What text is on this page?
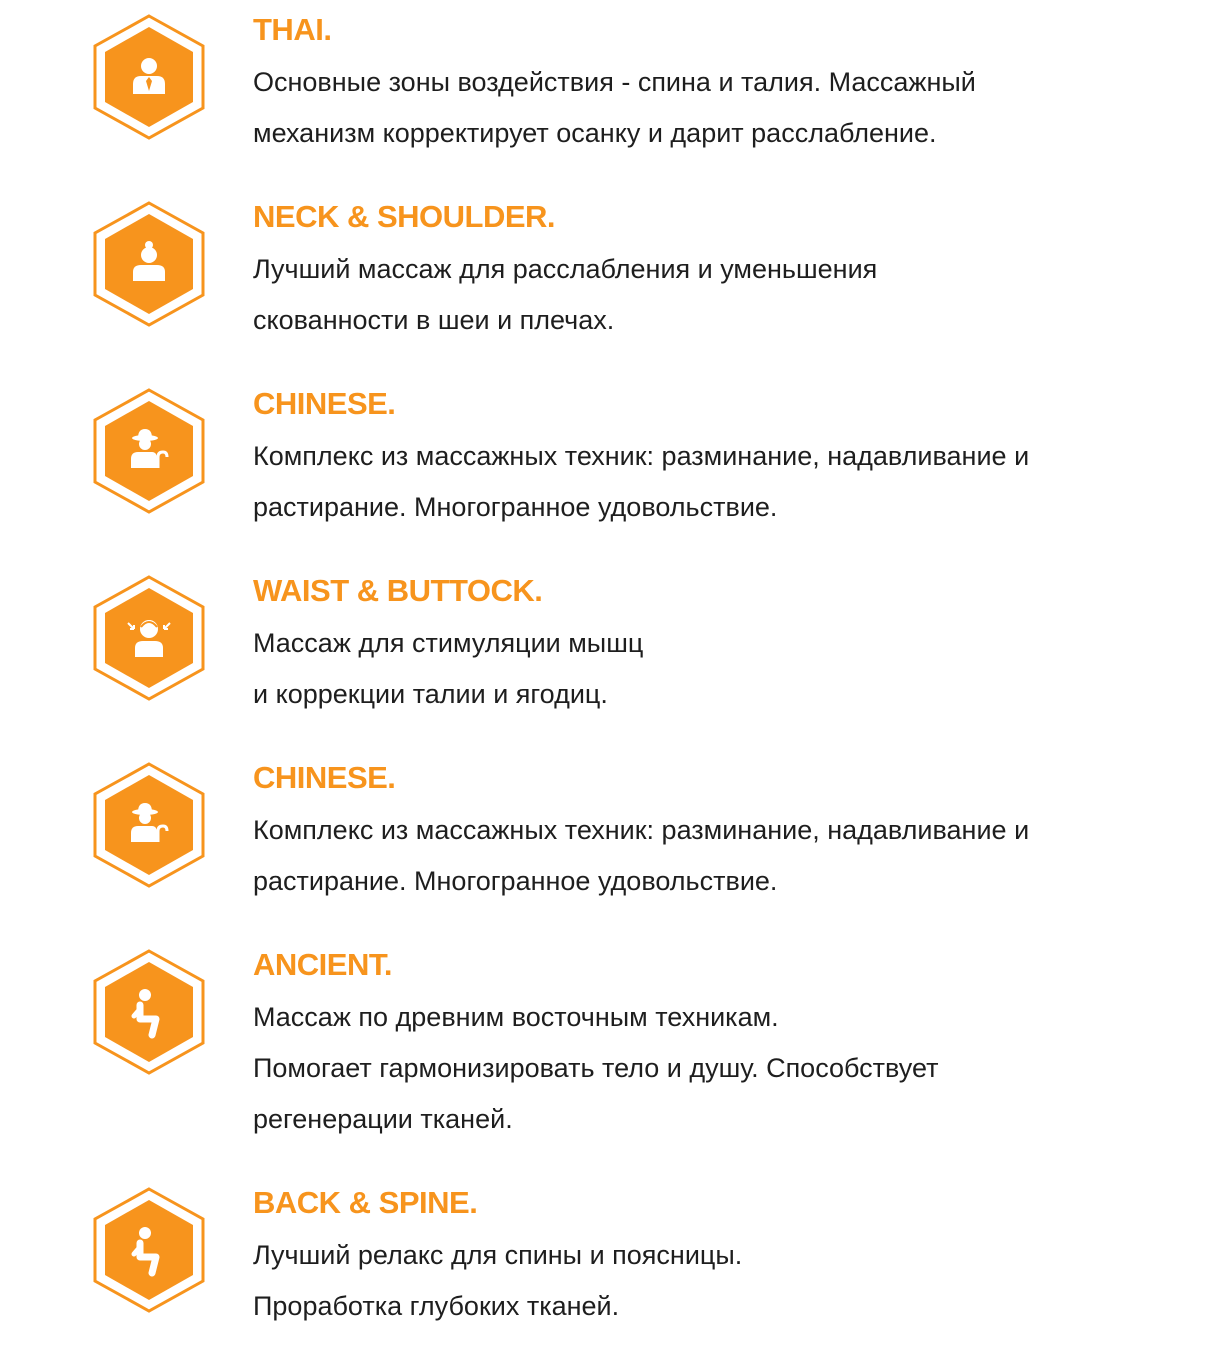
THAI.
Основные зоны воздействия - спина и талия. Массажный
механизм корректирует осанку и дарит расслабление.
NECK & SHOULDER.
Лучший массаж для расслабления и уменьшения
скованности в шеи и плечах.
CHINESE.
Комплекс из массажных техник: разминание, надавливание и
растирание. Многогранное удовольствие.
WAIST & BUTTOCK.
Массаж для стимуляции мышц
и коррекции талии и ягодиц.
CHINESE.
Комплекс из массажных техник: разминание, надавливание и
растирание. Многогранное удовольствие.
ANCIENT.
Массаж по древним восточным техникам.
Помогает гармонизировать тело и душу. Способствует
регенерации тканей.
BACK & SPINE.
Лучший релакс для спины и поясницы.
Проработка глубоких тканей.
